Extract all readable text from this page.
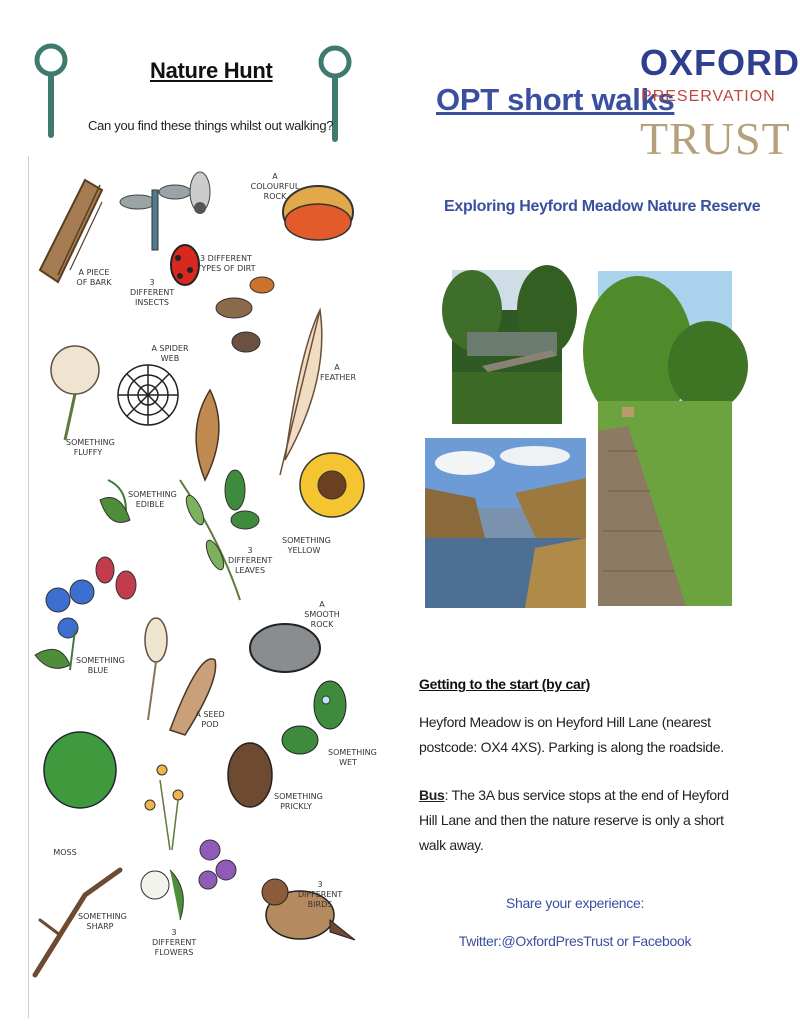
Nature Hunt
Can you find these things whilst out walking?
A COLOURFUL ROCK
A PIECE OF BARK	3 DIFFERENT INSECTS
3 DIFFERENT TYPES OF DIRT
A SPIDER WEB
A FEATHER
SOMETHING FLUFFY
SOMETHING EDIBLE
3 DIFFERENT LEAVES
SOMETHING YELLOW
A SMOOTH ROCK
SOMETHING BLUE
A SEED POD
SOMETHING WET
SOMETHING PRICKLY
MOSS
3 DIFFERENT BIRDS
SOMETHING SHARP
3 DIFFERENT FLOWERS
OPT short walks
OXFORD
PRESERVATION
TRUST
Exploring Heyford Meadow Nature Reserve
Getting to the start (by car)
Heyford Meadow is on Heyford Hill Lane (nearest postcode: OX4 4XS). Parking is along the roadside.
Bus: The 3A bus service stops at the end of Heyford Hill Lane and then the nature reserve is only a short walk away.
Share your experience:
Twitter:@OxfordPresTrust or Facebook
